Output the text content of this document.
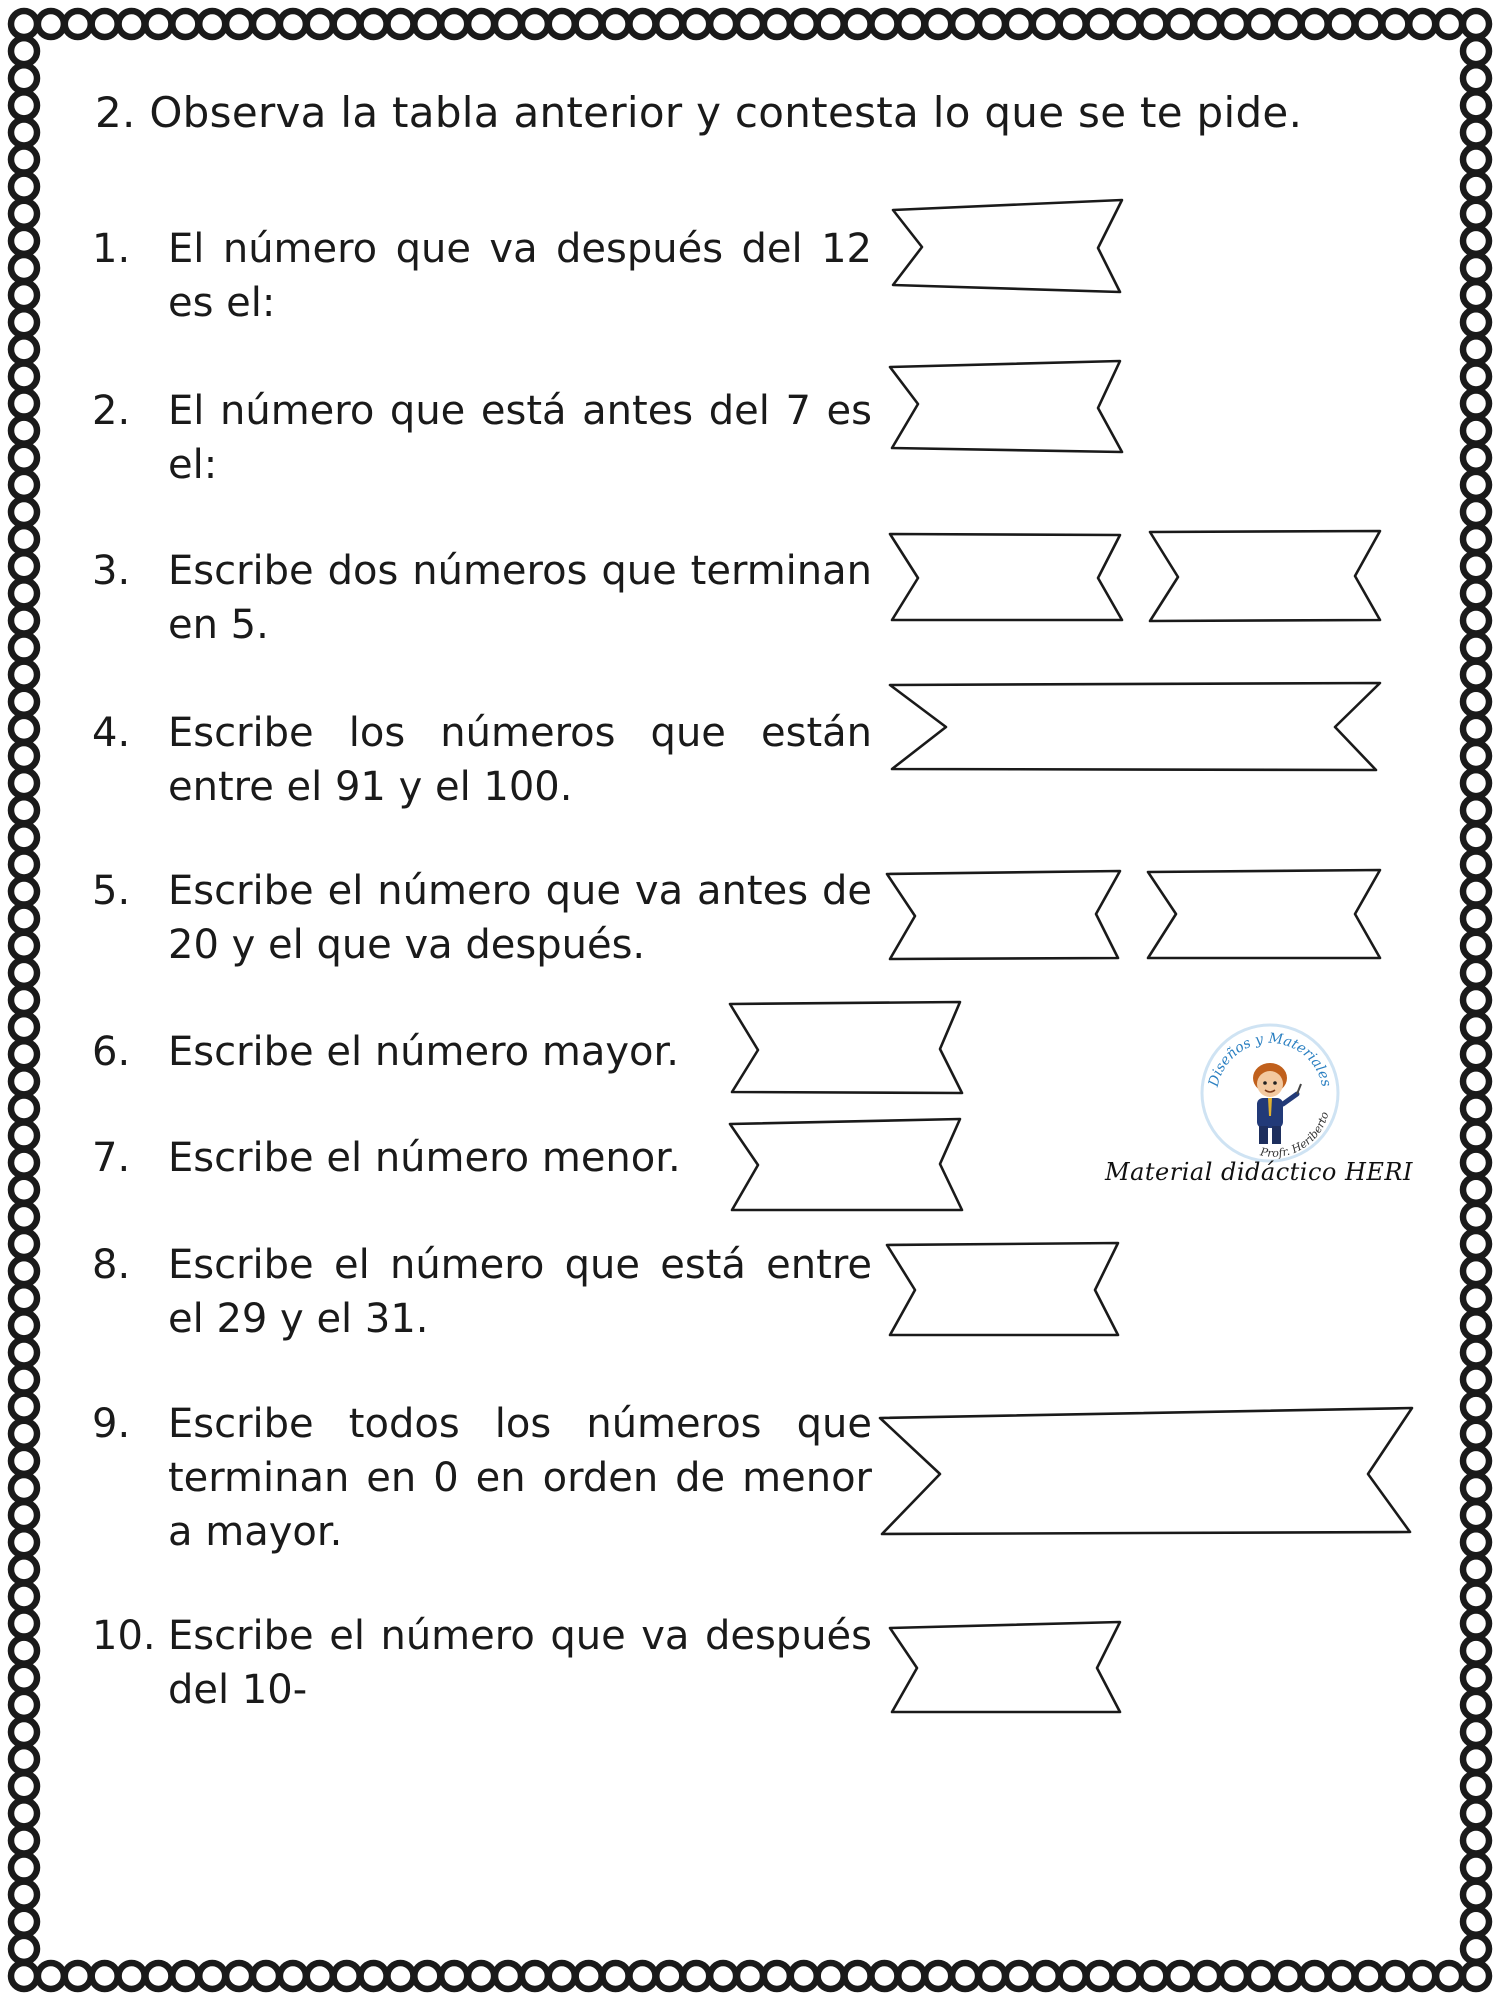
2. Observa la tabla anterior y contesta lo que se te pide.
1. El número que va después del 12 es el:
2. El número que está antes del 7 es el:
3. Escribe dos números que terminan en 5.
4. Escribe los números que están entre el 91 y el 100.
5. Escribe el número que va antes de 20 y el que va después.
6. Escribe el número mayor.
7. Escribe el número menor.
8. Escribe el número que está entre el 29 y el 31.
9. Escribe todos los números que terminan en 0 en orden de menor a mayor.
10. Escribe el número que va después del 10-
Diseños y Materiales
Profr. Heriberto
Material didáctico HERI
